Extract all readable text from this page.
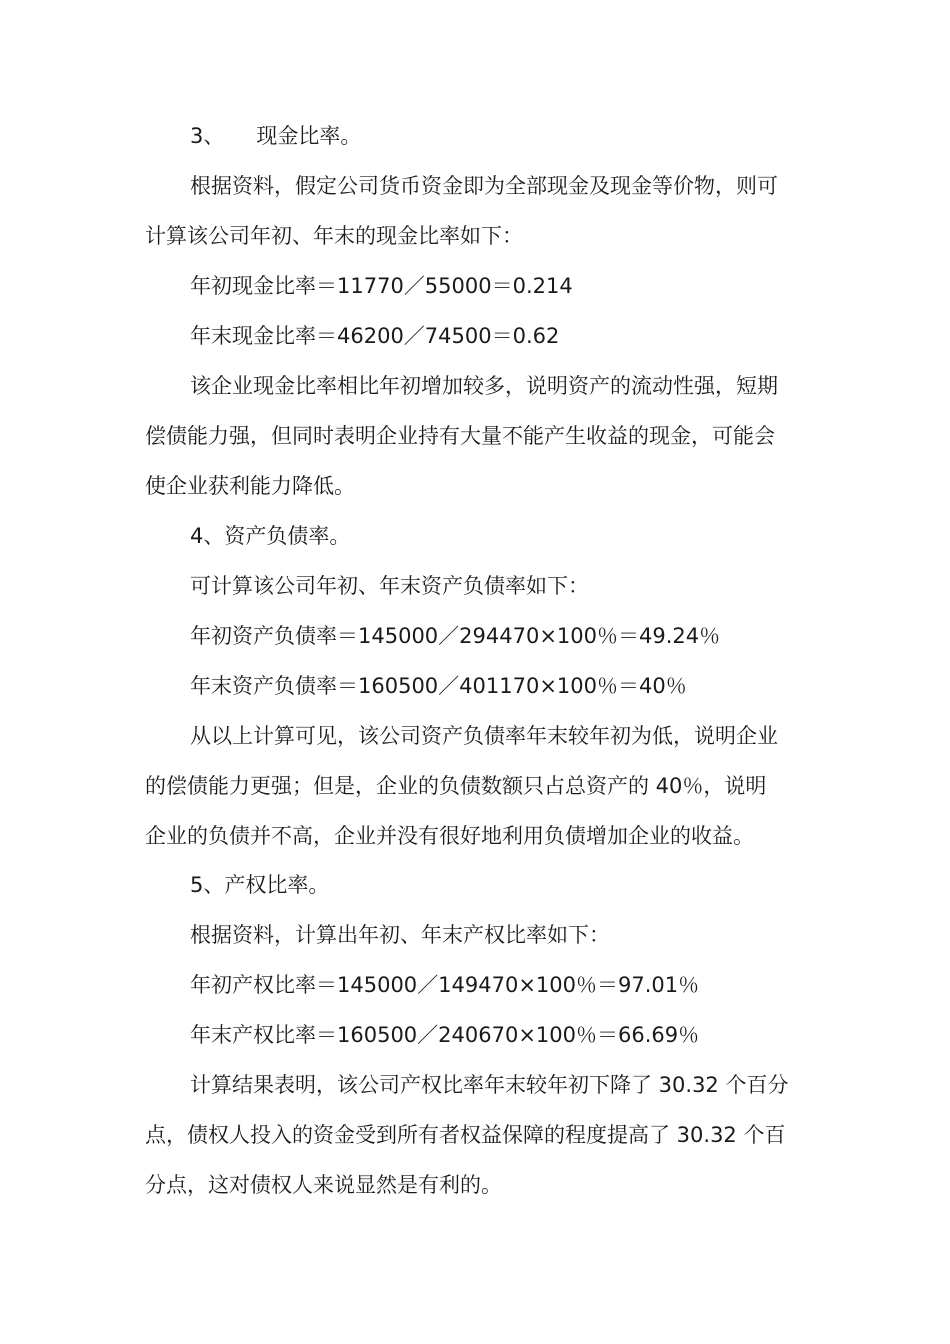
3、 现金比率。
根据资料，假定公司货币资金即为全部现金及现金等价物，则可
计算该公司年初、年末的现金比率如下：
年初现金比率＝11770／55000＝0.214
年末现金比率＝46200／74500＝0.62
该企业现金比率相比年初增加较多，说明资产的流动性强，短期
偿债能力强，但同时表明企业持有大量不能产生收益的现金，可能会
使企业获利能力降低。
4、资产负债率。
可计算该公司年初、年末资产负债率如下：
年初资产负债率＝145000／294470×100％＝49.24％
年末资产负债率＝160500／401170×100％＝40％
从以上计算可见，该公司资产负债率年末较年初为低，说明企业
的偿债能力更强；但是，企业的负债数额只占总资产的 40％，说明
企业的负债并不高，企业并没有很好地利用负债增加企业的收益。
5、产权比率。
根据资料，计算出年初、年末产权比率如下：
年初产权比率＝145000／149470×100％＝97.01％
年末产权比率＝160500／240670×100％＝66.69％
计算结果表明，该公司产权比率年末较年初下降了 30.32 个百分
点，债权人投入的资金受到所有者权益保障的程度提高了 30.32 个百
分点，这对债权人来说显然是有利的。
